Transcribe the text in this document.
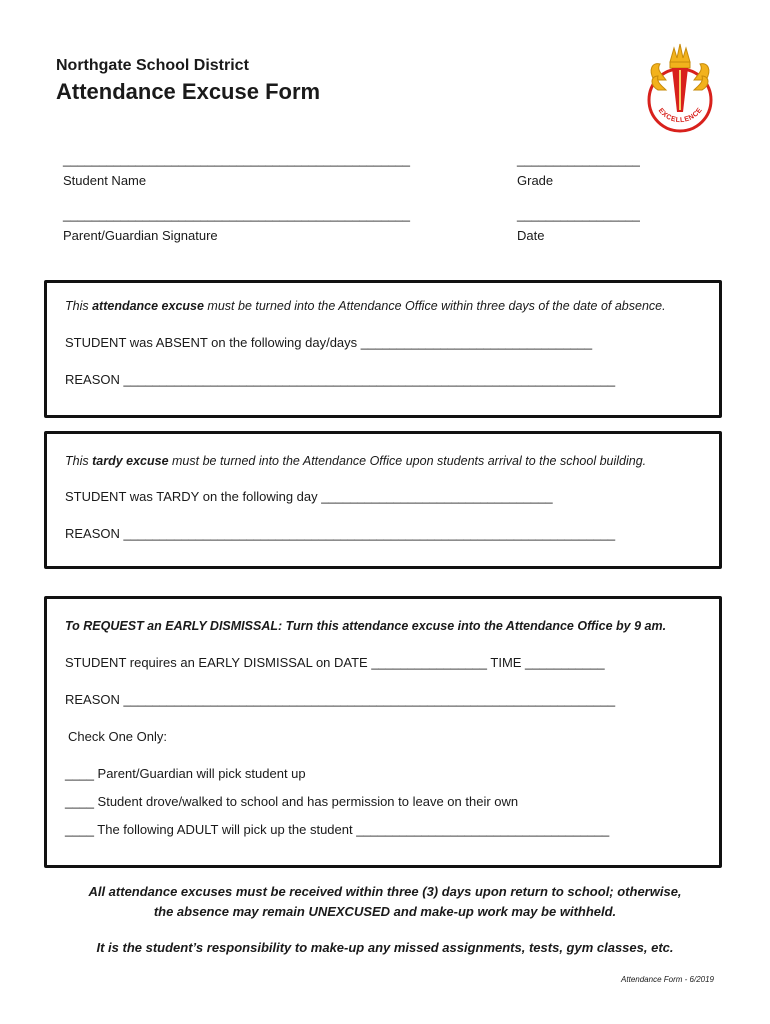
Northgate School District
Attendance Excuse Form
EXCELLENCE
________________________________________________
Student Name
_________________
Grade
________________________________________________
Parent/Guardian Signature
_________________
Date
This attendance excuse must be turned into the Attendance Office within three days of the date of absence.
STUDENT was ABSENT on the following day/days ________________________________
REASON ____________________________________________________________________
This tardy excuse must be turned into the Attendance Office upon students arrival to the school building.
STUDENT was TARDY on the following day ________________________________
REASON ____________________________________________________________________
To REQUEST an EARLY DISMISSAL: Turn this attendance excuse into the Attendance Office by 9 am.
STUDENT requires an EARLY DISMISSAL on DATE ________________ TIME ___________
REASON ____________________________________________________________________
Check One Only:
____ Parent/Guardian will pick student up
____ Student drove/walked to school and has permission to leave on their own
____ The following ADULT will pick up the student ___________________________________
All attendance excuses must be received within three (3) days upon return to school; otherwise,
the absence may remain UNEXCUSED and make-up work may be withheld.
It is the student’s responsibility to make-up any missed assignments, tests, gym classes, etc.
Attendance Form - 6/2019
